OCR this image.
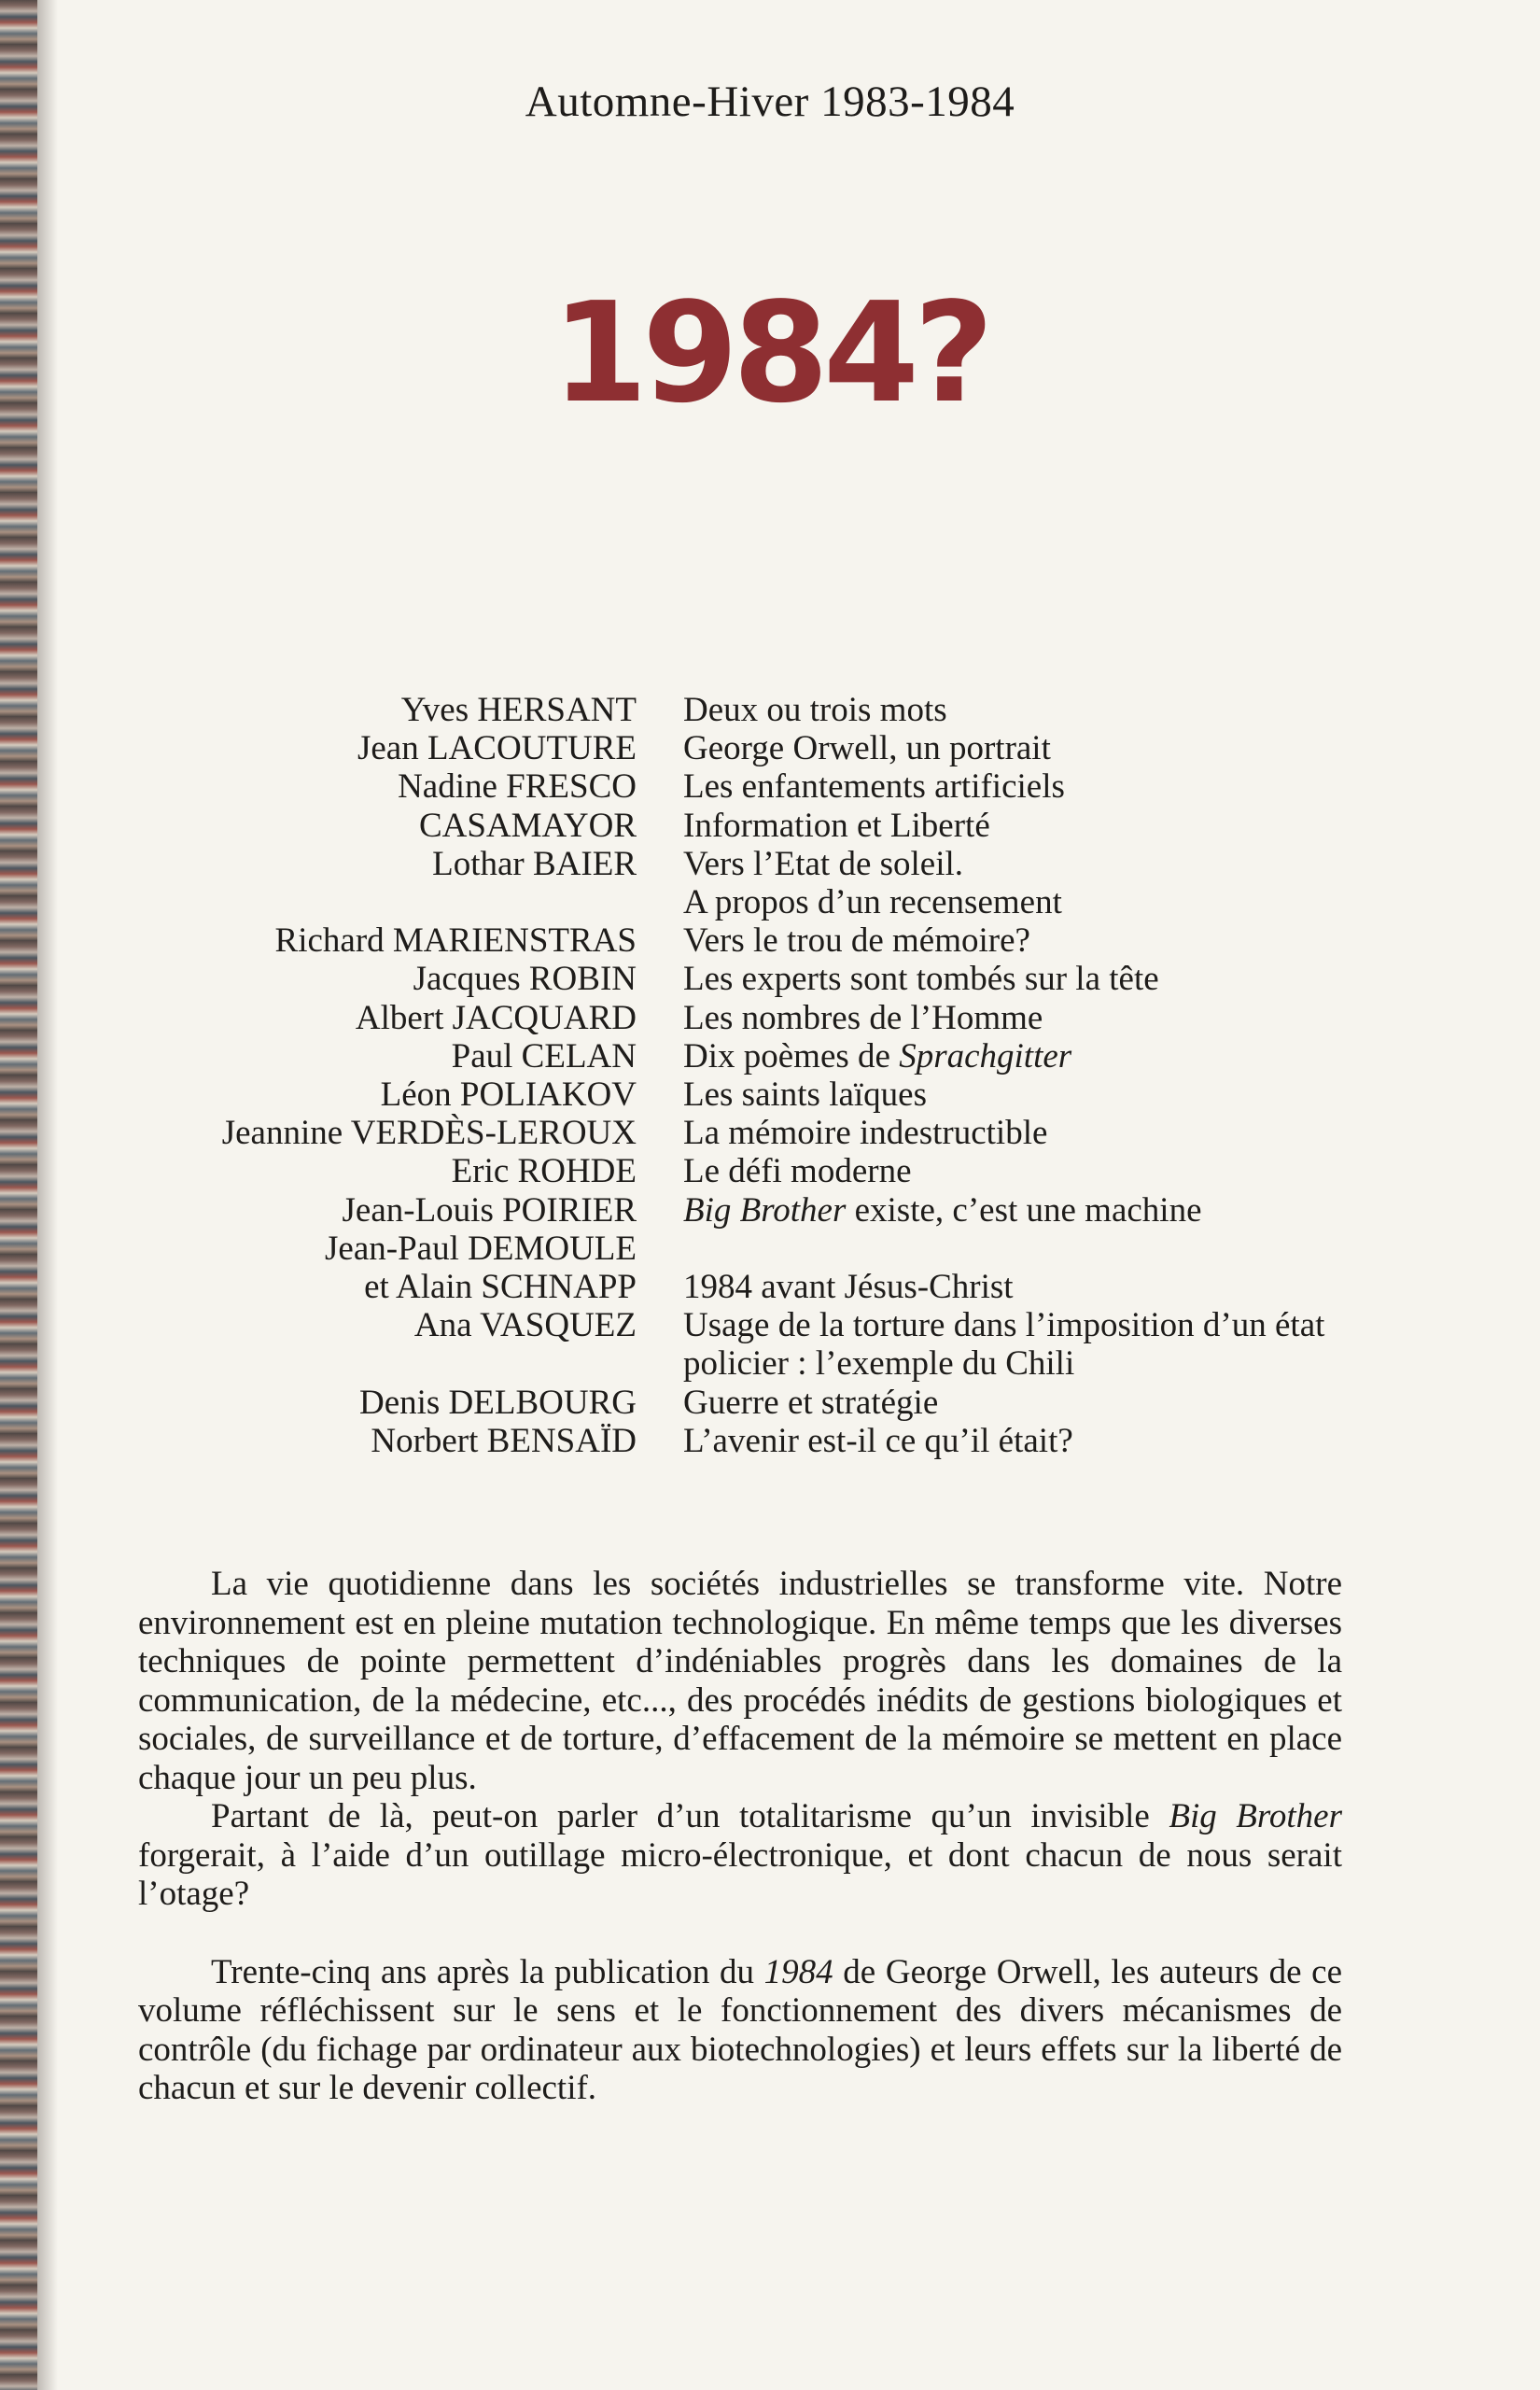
Automne-Hiver 1983-1984
1984?
Yves HERSANT Deux ou trois mots
Jean LACOUTURE George Orwell, un portrait
Nadine FRESCO Les enfantements artificiels
CASAMAYOR Information et Liberté
Lothar BAIER Vers l’Etat de soleil.
A propos d’un recensement
Richard MARIENSTRAS Vers le trou de mémoire?
Jacques ROBIN Les experts sont tombés sur la tête
Albert JACQUARD Les nombres de l’Homme
Paul CELAN Dix poèmes de Sprachgitter
Léon POLIAKOV Les saints laïques
Jeannine VERDÈS-LEROUX La mémoire indestructible
Eric ROHDE Le défi moderne
Jean-Louis POIRIER Big Brother existe, c’est une machine
Jean-Paul DEMOULE
et Alain SCHNAPP 1984 avant Jésus-Christ
Ana VASQUEZ Usage de la torture dans l’imposition d’un état
policier : l’exemple du Chili
Denis DELBOURG Guerre et stratégie
Norbert BENSAÏD L’avenir est-il ce qu’il était?

La vie quotidienne dans les sociétés industrielles se transforme vite. Notre environnement est en pleine mutation technologique. En même temps que les diverses techniques de pointe permettent d’indéniables progrès dans les domaines de la communication, de la médecine, etc..., des procédés inédits de gestions biologiques et sociales, de surveillance et de torture, d’effacement de la mémoire se mettent en place chaque jour un peu plus.

Partant de là, peut-on parler d’un totalitarisme qu’un invisible Big Brother forgerait, à l’aide d’un outillage micro-électronique, et dont chacun de nous serait l’otage?

Trente-cinq ans après la publication du 1984 de George Orwell, les auteurs de ce volume réfléchissent sur le sens et le fonctionnement des divers mécanismes de contrôle (du fichage par ordinateur aux biotechnologies) et leurs effets sur la liberté de chacun et sur le devenir collectif.
